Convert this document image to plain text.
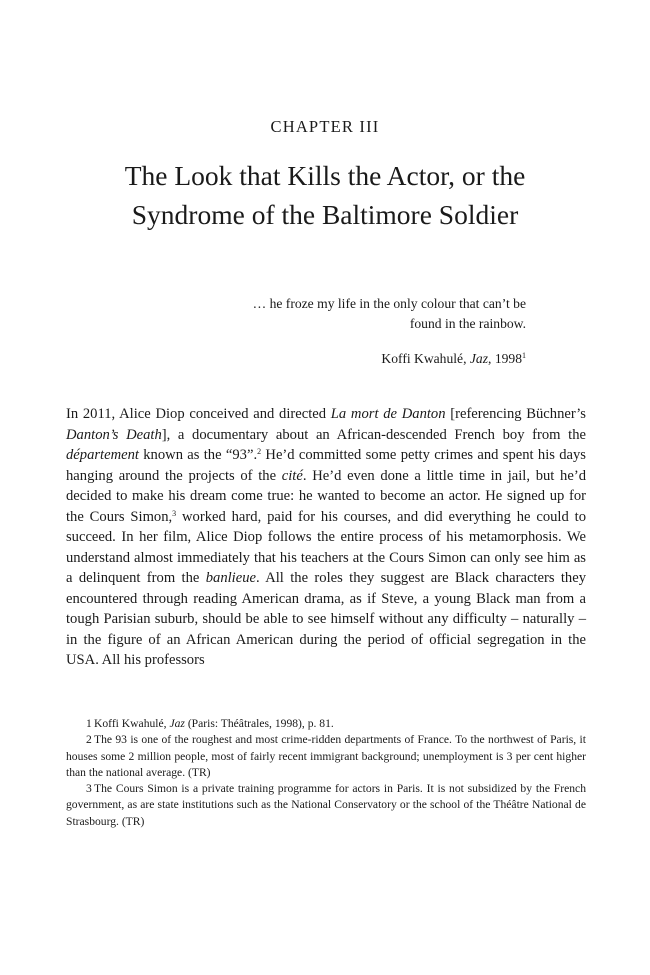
CHAPTER III
The Look that Kills the Actor, or the
Syndrome of the Baltimore Soldier
… he froze my life in the only colour that can’t be
found in the rainbow.
Koffi Kwahulé, Jaz, 1998$^1$

In 2011, Alice Diop conceived and directed La mort de Danton [referencing Büchner’s Danton’s Death], a documentary about an African-descended French boy from the département known as the “93”.$^2$ He’d committed some petty crimes and spent his days hanging around the projects of the cité. He’d even done a little time in jail, but he’d decided to make his dream come true: he wanted to become an actor. He signed up for the Cours Simon,$^3$ worked hard, paid for his courses, and did everything he could to succeed. In her film, Alice Diop follows the entire process of his metamorphosis. We understand almost immediately that his teachers at the Cours Simon can only see him as a delinquent from the banlieue. All the roles they suggest are Black characters they encountered through reading American drama, as if Steve, a young Black man from a tough Parisian suburb, should be able to see himself without any difficulty – naturally – in the figure of an African American during the period of official segregation in the USA. All his professors

1 Koffi Kwahulé, Jaz (Paris: Théâtrales, 1998), p. 81.

2 The 93 is one of the roughest and most crime-ridden departments of France. To the northwest of Paris, it houses some 2 million people, most of fairly recent immigrant background; unemployment is 3 per cent higher than the national average. (TR)

3 The Cours Simon is a private training programme for actors in Paris. It is not subsidized by the French government, as are state institutions such as the National Conservatory or the school of the Théâtre National de Strasbourg. (TR)
